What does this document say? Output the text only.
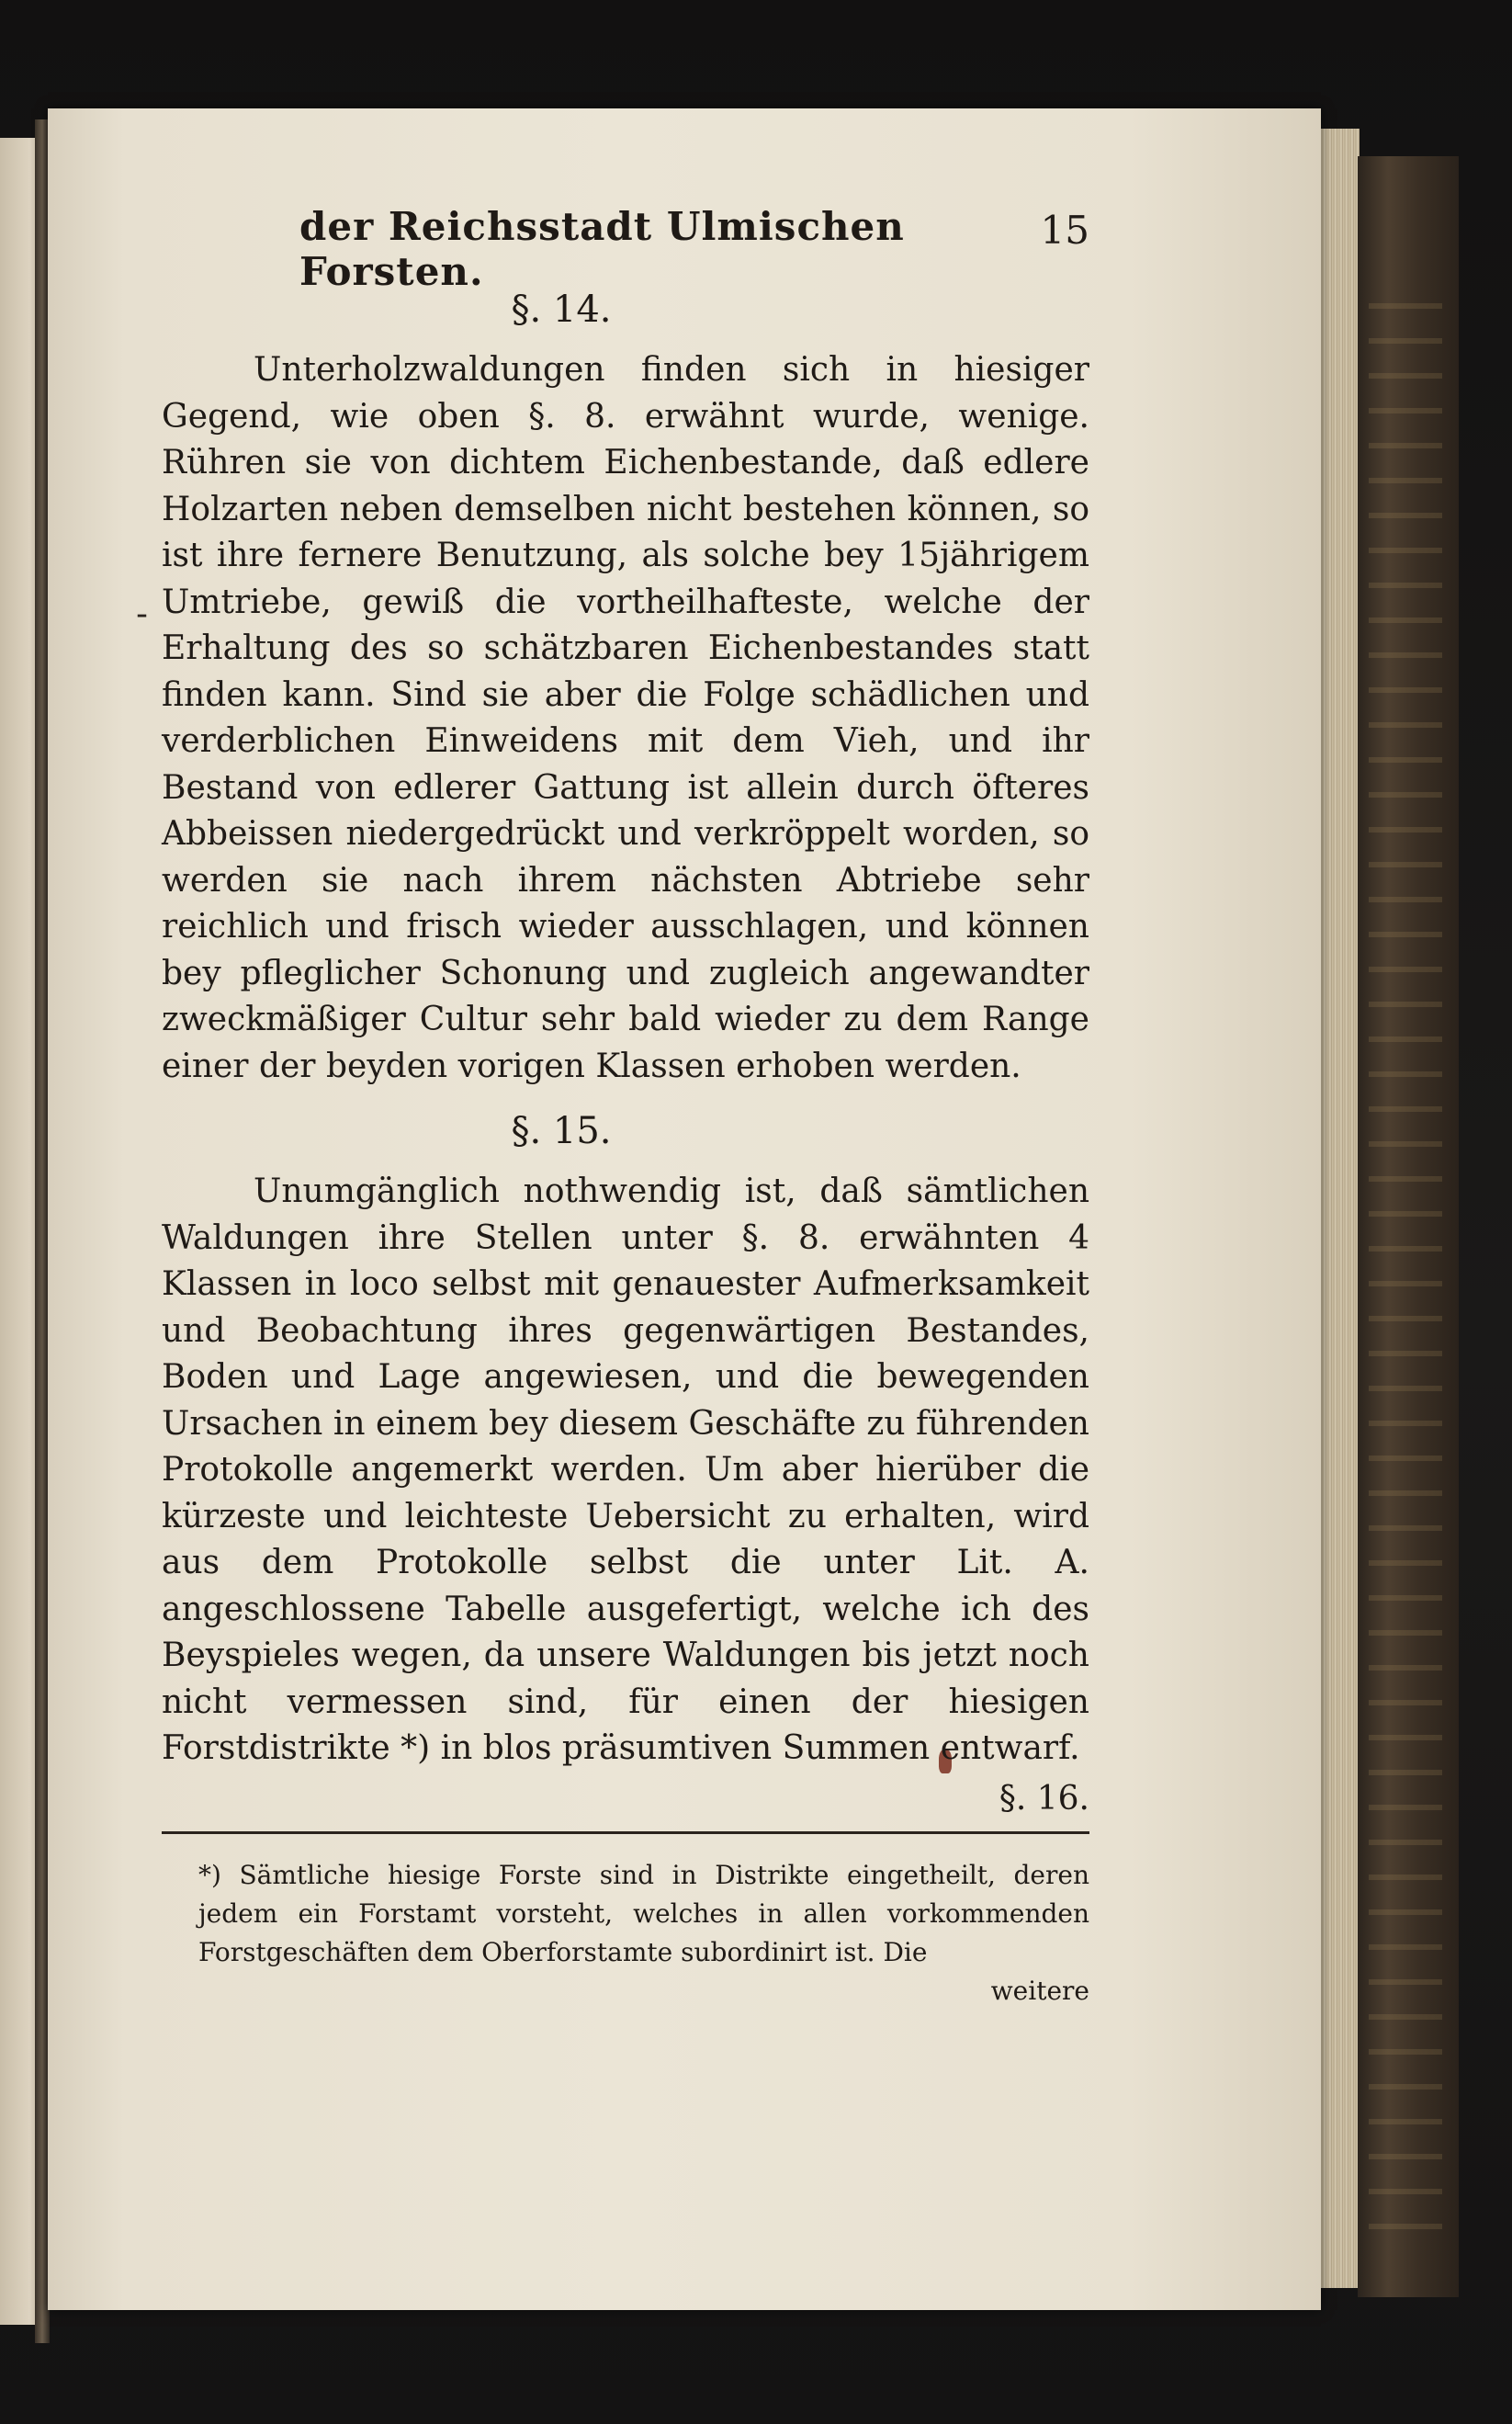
-
der Reichsstadt Ulmischen Forsten.
15
§. 14.

Unterholzwaldungen finden sich in hiesiger Gegend, wie oben §. 8. erwähnt wurde, wenige. Rühren sie von dichtem Eichenbestande, daß edlere Holzarten neben demselben nicht bestehen können, so ist ihre fernere Benutzung, als solche bey 15jährigem Umtriebe, gewiß die vortheilhafteste, welche der Erhaltung des so schätzbaren Eichenbestandes statt finden kann. Sind sie aber die Folge schädlichen und verderblichen Einweidens mit dem Vieh, und ihr Bestand von edlerer Gattung ist allein durch öfteres Abbeissen niedergedrückt und verkröppelt worden, so werden sie nach ihrem nächsten Abtriebe sehr reichlich und frisch wieder ausschlagen, und können bey pfleglicher Schonung und zugleich angewandter zweckmäßiger Cultur sehr bald wieder zu dem Range einer der beyden vorigen Klassen erhoben werden.

§. 15.

Unumgänglich nothwendig ist, daß sämtlichen Waldungen ihre Stellen unter §. 8. erwähnten 4 Klassen in loco selbst mit genauester Aufmerksamkeit und Beobachtung ihres gegenwärtigen Bestandes, Boden und Lage angewiesen, und die bewegenden Ursachen in einem bey diesem Geschäfte zu führenden Protokolle angemerkt werden. Um aber hierüber die kürzeste und leichteste Uebersicht zu erhalten, wird aus dem Protokolle selbst die unter Lit. A. angeschlossene Tabelle ausgefertigt, welche ich des Beyspieles wegen, da unsere Waldungen bis jetzt noch nicht vermessen sind, für einen der hiesigen Forstdistrikte *) in blos präsumtiven Summen entwarf.

§. 16.

*) Sämtliche hiesige Forste sind in Distrikte eingetheilt, deren jedem ein Forstamt vorsteht, welches in allen vorkommenden Forstgeschäften dem Oberforstamte subordinirt ist. Die

weitere
